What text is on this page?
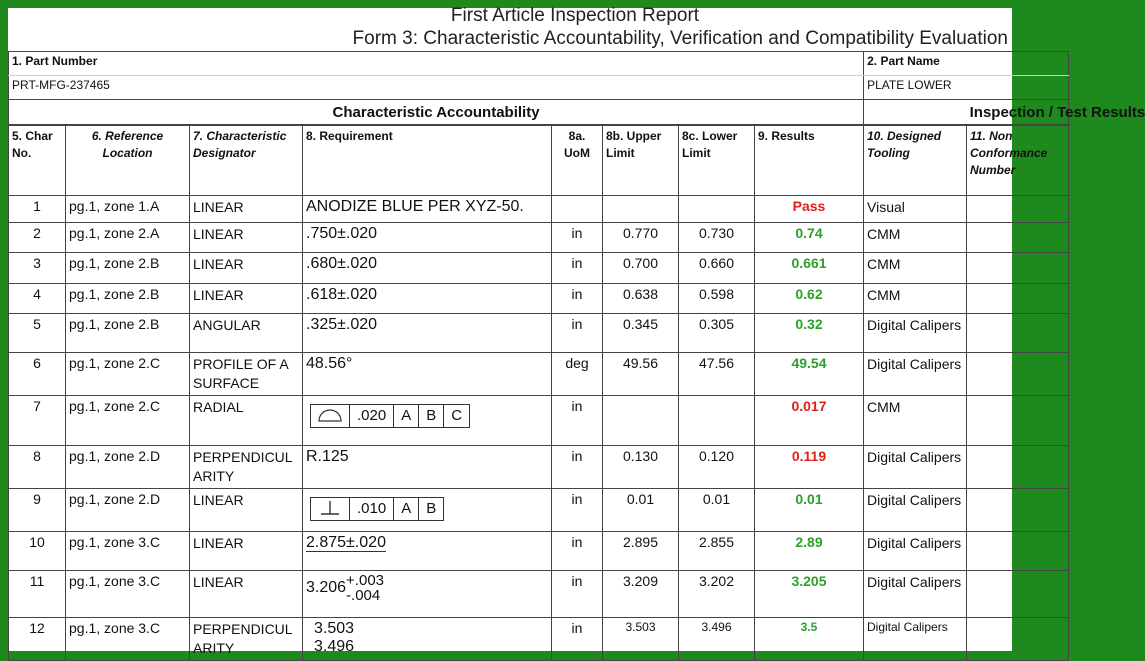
First Article Inspection Report
Form 3: Characteristic Accountability, Verification and Compatibility Evaluation
1. Part Number	2. Part Name	
PRT-MFG-237465	PLATE LOWER	
Characteristic Accountability		Inspection / Test Results
5. Char No.	6. Reference Location	7. Characteristic Designator	8. Requirement	8a. UoM	8b. Upper Limit	8c. Lower Limit	9. Results	10. Designed Tooling	11. Non Conformance Number
1	pg.1, zone 1.A	LINEAR	ANODIZE BLUE PER XYZ-50.				Pass	Visual	
2	pg.1, zone 2.A	LINEAR	.750±.020	in	0.770	0.730	0.74	CMM	
3	pg.1, zone 2.B	LINEAR	.680±.020	in	0.700	0.660	0.661	CMM	
4	pg.1, zone 2.B	LINEAR	.618±.020	in	0.638	0.598	0.62	CMM	
5	pg.1, zone 2.B	ANGULAR	.325±.020	in	0.345	0.305	0.32	Digital Calipers	
6	pg.1, zone 2.C	PROFILE OF A SURFACE	48.56°	deg	49.56	47.56	49.54	Digital Calipers	
7	pg.1, zone 2.C	RADIAL	.020 A B C	in			0.017	CMM	
8	pg.1, zone 2.D	PERPENDICULARITY	R.125	in	0.130	0.120	0.119	Digital Calipers	
9	pg.1, zone 2.D	LINEAR	.010 A B	in	0.01	0.01	0.01	Digital Calipers	
10	pg.1, zone 3.C	LINEAR	2.875±.020	in	2.895	2.855	2.89	Digital Calipers	
11	pg.1, zone 3.C	LINEAR	3.206 +.003
-.004	in	3.209	3.202	3.205	Digital Calipers	
12	pg.1, zone 3.C	PERPENDICULARITY	3.503
3.496	in	3.503	3.496	3.5	Digital Calipers	
